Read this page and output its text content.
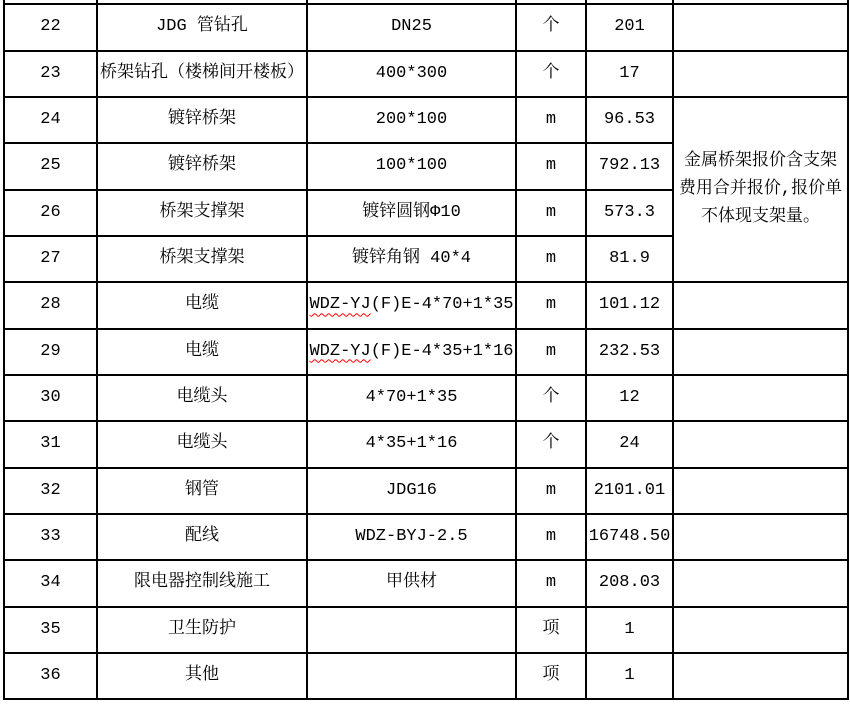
22	JDG 管钻孔	DN25	个	201	
23	桥架钻孔（楼梯间开楼板）	400*300	个	17	
24	镀锌桥架	200*100	m	96.53	金属桥架报价含支架
费用合并报价,报价单
不体现支架量。

25	镀锌桥架	100*100	m	792.13	
26	桥架支撑架	镀锌圆钢Φ10	m	573.3	
27	桥架支撑架	镀锌角钢 40*4	m	81.9	
28	电缆	WDZ-YJ(F)E-4*70+1*35	m	101.12	
29	电缆	WDZ-YJ(F)E-4*35+1*16	m	232.53	
30	电缆头	4*70+1*35	个	12	
31	电缆头	4*35+1*16	个	24	
32	钢管	JDG16	m	2101.01	
33	配线	WDZ-BYJ-2.5	m	16748.50	
34	限电器控制线施工	甲供材	m	208.03	
35	卫生防护		项	1	
36	其他		项	1	
